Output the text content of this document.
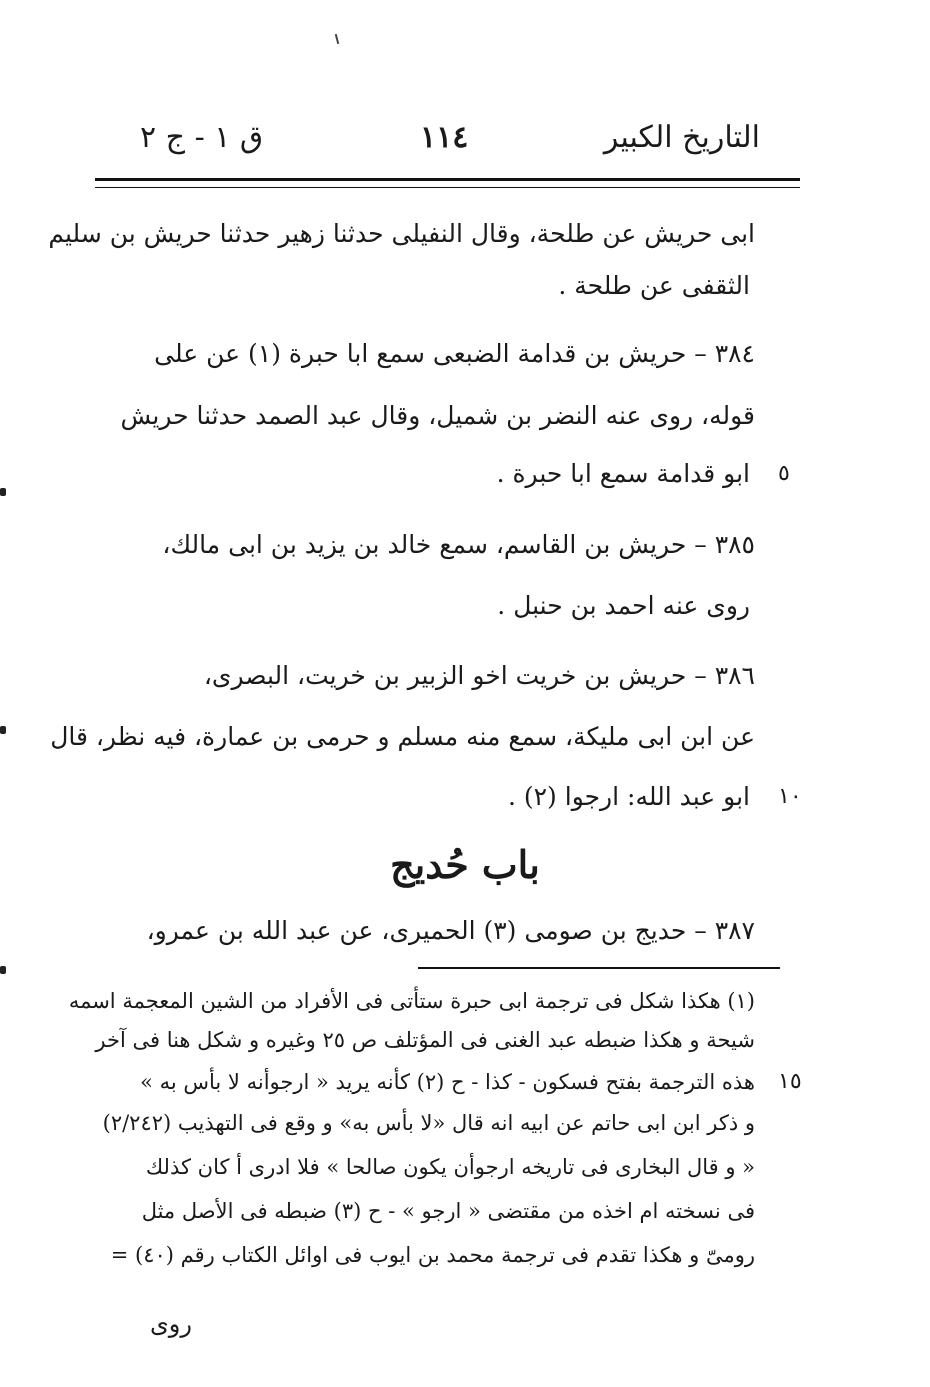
التاريخ الكبير
١١٤
ق ١ - ج ٢
ابى حريش عن طلحة، وقال النفيلى حدثنا زهير حدثنا حريش بن سليم
الثقفى عن طلحة .
٣٨٤ – حريش بن قدامة الضبعى سمع ابا حبرة (١) عن على
قوله، روى عنه النضر بن شميل، وقال عبد الصمد حدثنا حريش
ابو قدامة سمع ابا حبرة . ٥
٣٨٥ – حريش بن القاسم، سمع خالد بن يزيد بن ابى مالك،
روى عنه احمد بن حنبل .
٣٨٦ – حريش بن خريت اخو الزبير بن خريت، البصرى،
عن ابن ابى مليكة، سمع منه مسلم و حرمى بن عمارة، فيه نظر، قال
ابو عبد الله: ارجوا (٢) . ١٠
باب حُديج
٣٨٧ – حديج بن صومى (٣) الحميرى، عن عبد الله بن عمرو،
(١) هكذا شكل فى ترجمة ابى حبرة ستأتى فى الأفراد من الشين المعجمة اسمه
شيحة و هكذا ضبطه عبد الغنى فى المؤتلف ص ٢٥ وغيره و شكل هنا فى آخر
هذه الترجمة بفتح فسكون - كذا - ح (٢) كأنه يريد « ارجوأنه لا بأس به » ١٥
و ذكر ابن ابى حاتم عن ابيه انه قال «لا بأس به» و وقع فى التهذيب (٢/٢٤٢)
« و قال البخارى فى تاريخه ارجوأن يكون صالحا » فلا ادرى أ كان كذلك
فى نسخته ام اخذه من مقتضى « ارجو » - ح (٣) ضبطه فى الأصل مثل
رومىّ و هكذا تقدم فى ترجمة محمد بن ايوب فى اوائل الكتاب رقم (٤٠) =
روى
